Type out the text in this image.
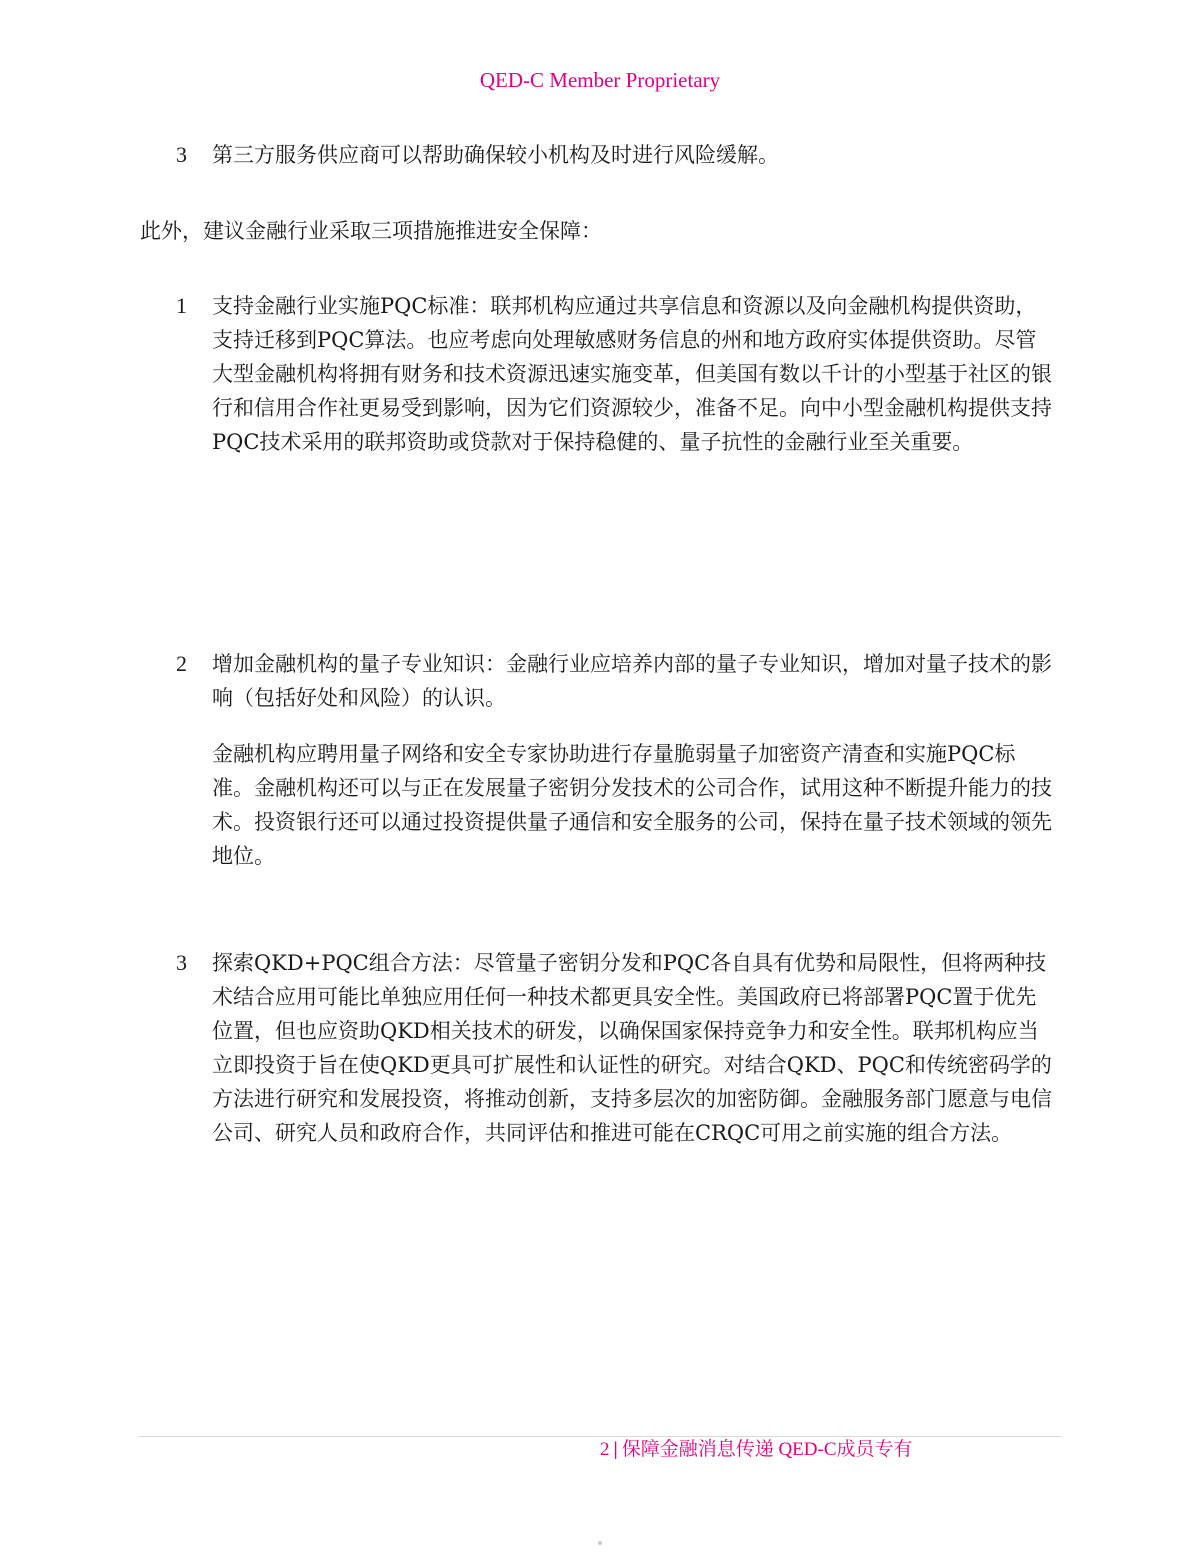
QED-C Member Proprietary
3	第三方服务供应商可以帮助确保较小机构及时进行风险缓解。

此外，建议金融行业采取三项措施推进安全保障：
1	支持金融行业实施PQC标准：联邦机构应通过共享信息和资源以及向金融机构提供资助，支持迁移到PQC算法。也应考虑向处理敏感财务信息的州和地方政府实体提供资助。尽管大型金融机构将拥有财务和技术资源迅速实施变革，但美国有数以千计的小型基于社区的银行和信用合作社更易受到影响，因为它们资源较少，准备不足。向中小型金融机构提供支持PQC技术采用的联邦资助或贷款对于保持稳健的、量子抗性的金融行业至关重要。

2	增加金融机构的量子专业知识：金融行业应培养内部的量子专业知识，增加对量子技术的影响（包括好处和风险）的认识。

金融机构应聘用量子网络和安全专家协助进行存量脆弱量子加密资产清查和实施PQC标准。金融机构还可以与正在发展量子密钥分发技术的公司合作，试用这种不断提升能力的技术。投资银行还可以通过投资提供量子通信和安全服务的公司，保持在量子技术领域的领先地位。

3	探索QKD+PQC组合方法：尽管量子密钥分发和PQC各自具有优势和局限性，但将两种技术结合应用可能比单独应用任何一种技术都更具安全性。美国政府已将部署PQC置于优先位置，但也应资助QKD相关技术的研发，以确保国家保持竞争力和安全性。联邦机构应当立即投资于旨在使QKD更具可扩展性和认证性的研究。对结合QKD、PQC和传统密码学的方法进行研究和发展投资，将推动创新，支持多层次的加密防御。金融服务部门愿意与电信公司、研究人员和政府合作，共同评估和推进可能在CRQC可用之前实施的组合方法。

2 | 保障金融消息传递 QED-C成员专有
